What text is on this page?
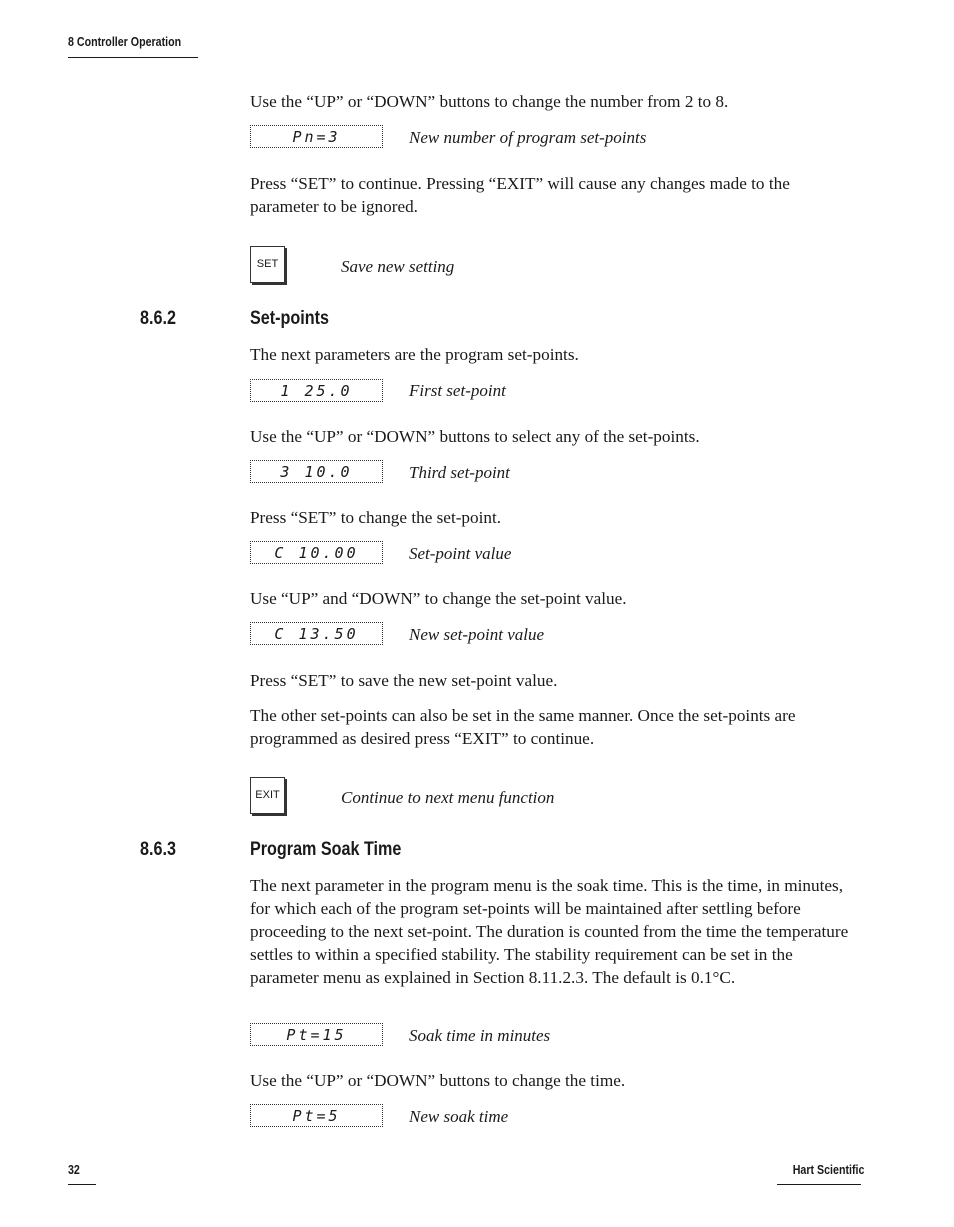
8 Controller Operation
Use the “UP” or “DOWN” buttons to change the number from 2 to 8.
Pn=3	New number of program set-points
Press “SET” to continue. Pressing “EXIT” will cause any changes made to the parameter to be ignored.
SET	Save new setting
8.6.2	Set-points
The next parameters are the program set-points.
1 25.0	First set-point
Use the “UP” or “DOWN” buttons to select any of the set-points.
3 10.0	Third set-point
Press “SET” to change the set-point.
C 10.00	Set-point value
Use “UP” and “DOWN” to change the set-point value.
C 13.50	New set-point value
Press “SET” to save the new set-point value.
The other set-points can also be set in the same manner. Once the set-points are programmed as desired press “EXIT” to continue.
EXIT	Continue to next menu function
8.6.3	Program Soak Time
The next parameter in the program menu is the soak time. This is the time, in minutes, for which each of the program set-points will be maintained after settling before proceeding to the next set-point. The duration is counted from the time the temperature settles to within a specified stability. The stability requirement can be set in the parameter menu as explained in Section 8.11.2.3. The default is 0.1°C.
Pt=15	Soak time in minutes
Use the “UP” or “DOWN” buttons to change the time.
Pt=5	New soak time
32	Hart Scientific
